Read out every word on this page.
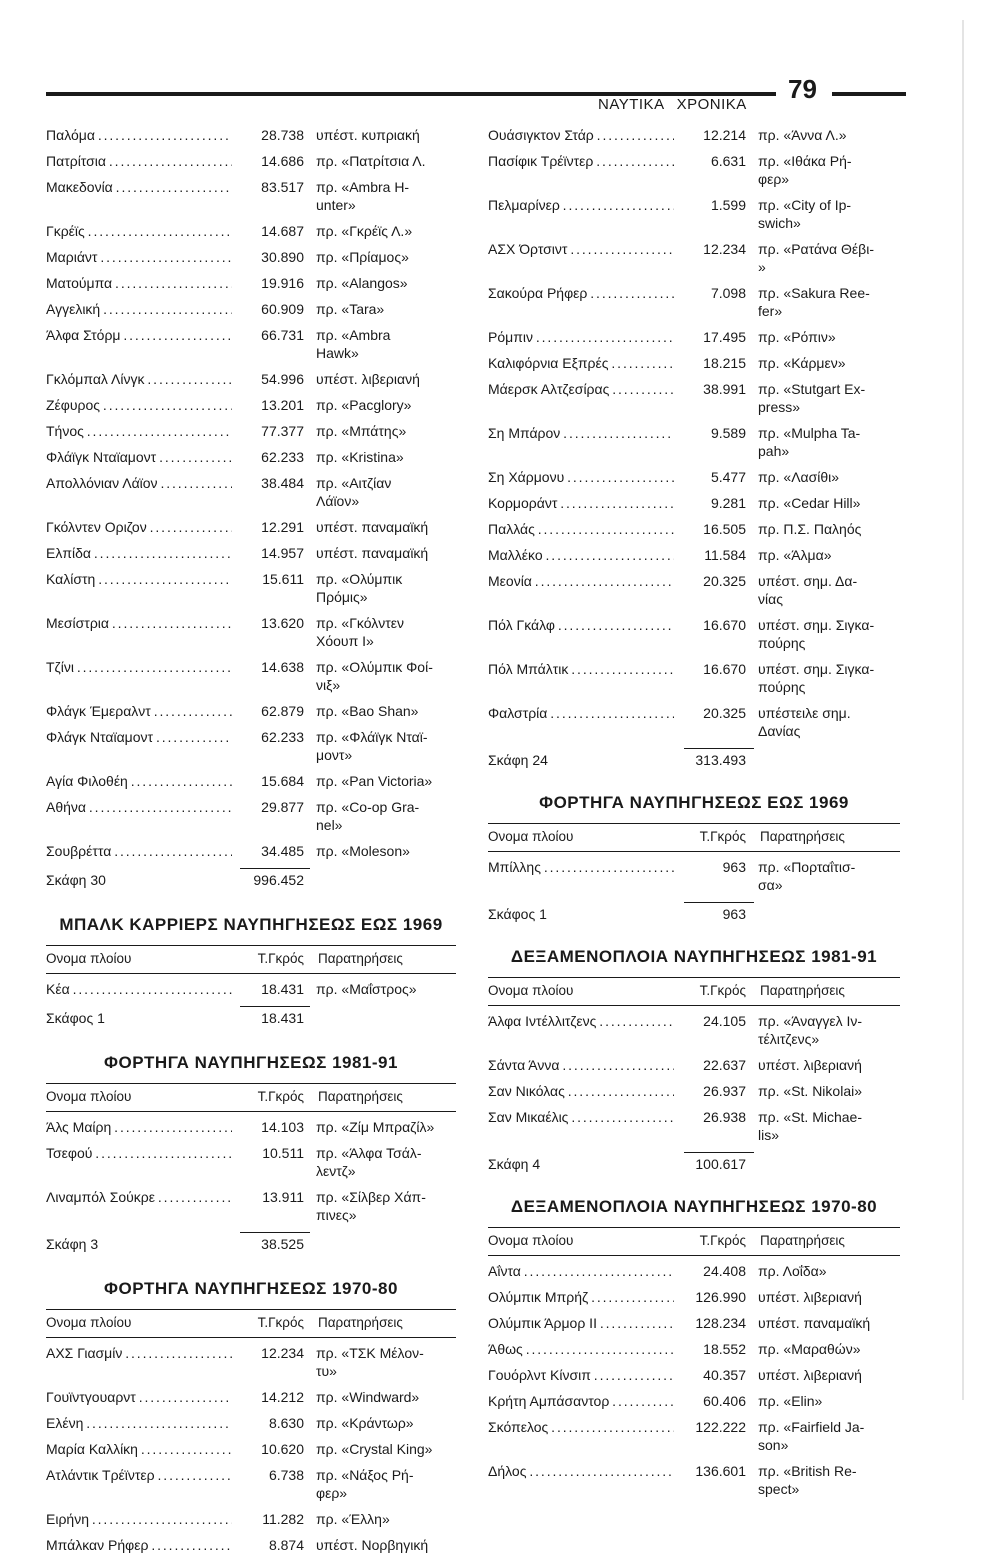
ΝΑΥΤΙΚΑ ΧΡΟΝΙΚΑ
79
Παλόμα . . .	28.738 υπέστ. κυπριακή
Πατρίτσια . . .	14.686 πρ. «Πατρίτσια Λ.
Μακεδονία . . .	83.517 πρ. «Ambra H-
unter»
Γκρέϊς . . .	14.687 πρ. «Γκρέϊς Λ.»
Μαριάντ . . .	30.890 πρ. «Πρίαμος»
Ματούμπα . . .	19.916 πρ. «Alangos»
Αγγελική . . .	60.909 πρ. «Tara»
Άλφα Στόρμ . . .	66.731 πρ. «Ambra
Hawk»
Γκλόμπαλ Λίνγκ . . .	54.996 υπέστ. λιβεριανή
Ζέφυρος . . .	13.201 πρ. «Pacglory»
Τήνος . . .	77.377 πρ. «Μπάτης»
Φλάϊγκ Νταϊαμοντ . . .	62.233 πρ. «Kristina»
Απολλόνιαν Λάϊον . . .	38.484 πρ. «Αιτζίαν
Λάϊον»
Γκόλντεν Οριζον . . .	12.291 υπέστ. παναμαϊκή
Ελπίδα . . .	14.957 υπέστ. παναμαϊκή
Καλίστη . . .	15.611 πρ. «Ολύμπικ
Πρόμις»
Μεσίστρια . . .	13.620 πρ. «Γκόλντεν
Χόουπ I»
Τζίνι . . .	14.638 πρ. «Ολύμπικ Φοί-
νιξ»
Φλάγκ Έμεραλντ . . .	62.879 πρ. «Bao Shan»
Φλάγκ Νταϊαμοντ . . .	62.233 πρ. «Φλάϊγκ Νταϊ-
μοντ»
Αγία Φιλοθέη . . .	15.684 πρ. «Pan Victoria»
Αθήνα . . .	29.877 πρ. «Co-op Gra-
nel»
Σουβρέττα . . .	34.485 πρ. «Moleson»
Σκάφη 30	996.452
ΜΠΑΛΚ ΚΑΡΡΙΕΡΣ ΝΑΥΠΗΓΗΣΕΩΣ ΕΩΣ 1969
Ονομα πλοίου	Τ.Γκρός	Παρατηρήσεις
Κέα . . .	18.431 πρ. «Μαΐστρος»
Σκάφος 1	18.431
ΦΟΡΤΗΓΑ ΝΑΥΠΗΓΗΣΕΩΣ 1981-91
Ονομα πλοίου	Τ.Γκρός	Παρατηρήσεις
Άλς Μαίρη . . .	14.103 πρ. «Ζίμ Μπραζίλ»
Τσεφού . . .	10.511 πρ. «Άλφα Τσάλ-
λεντζ»
Λιναμπόλ Σούκρε . . .	13.911 πρ. «Σίλβερ Χάπ-
πινες»
Σκάφη 3	38.525
ΦΟΡΤΗΓΑ ΝΑΥΠΗΓΗΣΕΩΣ 1970-80
Ονομα πλοίου	Τ.Γκρός	Παρατηρήσεις
ΑΧΣ Γιασμίν . . .	12.234 πρ. «ΤΣΚ Μέλον-
τυ»
Γουϊντγουαρντ . . .	14.212 πρ. «Windward»
Ελένη . . .	8.630 πρ. «Κράντωρ»
Μαρία Καλλίκη . . .	10.620 πρ. «Crystal King»
Ατλάντικ Τρέϊντερ . . .	6.738 πρ. «Νάξος Ρή-
φερ»
Ειρήνη . . .	11.282 πρ. «Έλλη»
Μπάλκαν Ρήφερ . . .	8.874 υπέστ. Νορβηγική
Ουάσιγκτον Στάρ . . .	12.214 πρ. «Άννα Λ.»
Πασίφικ Τρέϊντερ . . .	6.631 πρ. «Ιθάκα Ρή-
φερ»
Πελμαρίνερ . . .	1.599 πρ. «City of Ip-
swich»
ΑΣΧ Όρτσιντ . . .	12.234 πρ. «Ρατάνα Θέβι-
»
Σακούρα Ρήφερ . . .	7.098 πρ. «Sakura Ree-
fer»
Ρόμπιν . . .	17.495 πρ. «Ρόπιν»
Καλιφόρνια Εξπρές . . .	18.215 πρ. «Κάρμεν»
Μάερσκ Αλτζεσίρας . . .	38.991 πρ. «Stutgart Ex-
press»
Ση Μπάρον . . .	9.589 πρ. «Mulpha Ta-
pah»
Ση Χάρμονυ . . .	5.477 πρ. «Λασίθι»
Κορμοράντ . . .	9.281 πρ. «Cedar Hill»
Παλλάς . . .	16.505 πρ. Π.Σ. Παληός
Μαλλέκο . . .	11.584 πρ. «Άλμα»
Μεονία . . .	20.325 υπέστ. σημ. Δα-
νίας
Πόλ Γκάλφ . . .	16.670 υπέστ. σημ. Σιγκα-
πούρης
Πόλ Μπάλτικ . . .	16.670 υπέστ. σημ. Σιγκα-
πούρης
Φαλστρία . . .	20.325 υπέστειλε σημ.
Δανίας
Σκάφη 24	313.493
ΦΟΡΤΗΓΑ ΝΑΥΠΗΓΗΣΕΩΣ ΕΩΣ 1969
Ονομα πλοίου	Τ.Γκρός	Παρατηρήσεις
Μπίλλης . . .	963 πρ. «Πορταΐτισ-
σα»
Σκάφος 1	963
ΔΕΞΑΜΕΝΟΠΛΟΙΑ ΝΑΥΠΗΓΗΣΕΩΣ 1981-91
Ονομα πλοίου	Τ.Γκρός	Παρατηρήσεις
Άλφα Ιντέλλιτζενς . . .	24.105 πρ. «Άναγγελ Ιν-
τέλιτζενς»
Σάντα Άννα . . .	22.637 υπέστ. λιβεριανή
Σαν Νικόλας . . .	26.937 πρ. «St. Nikolai»
Σαν Μικαέλις . . .	26.938 πρ. «St. Michae-
lis»
Σκάφη 4	100.617
ΔΕΞΑΜΕΝΟΠΛΟΙΑ ΝΑΥΠΗΓΗΣΕΩΣ 1970-80
Ονομα πλοίου	Τ.Γκρός	Παρατηρήσεις
Αΐντα . . .	24.408 πρ. Λοΐδα»
Ολύμπικ Μπρήζ . . .	126.990 υπέστ. λιβεριανή
Ολύμπικ Άρμορ II . . .	128.234 υπέστ. παναμαϊκή
Άθως . . .	18.552 πρ. «Μαραθών»
Γουόρλντ Κίνσιπ . . .	40.357 υπέστ. λιβεριανή
Κρήτη Αμπάσαντορ . . .	60.406 πρ. «Elin»
Σκόπελος . . .	122.222 πρ. «Fairfield Ja-
son»
Δήλος . . .	136.601 πρ. «British Re-
spect»
